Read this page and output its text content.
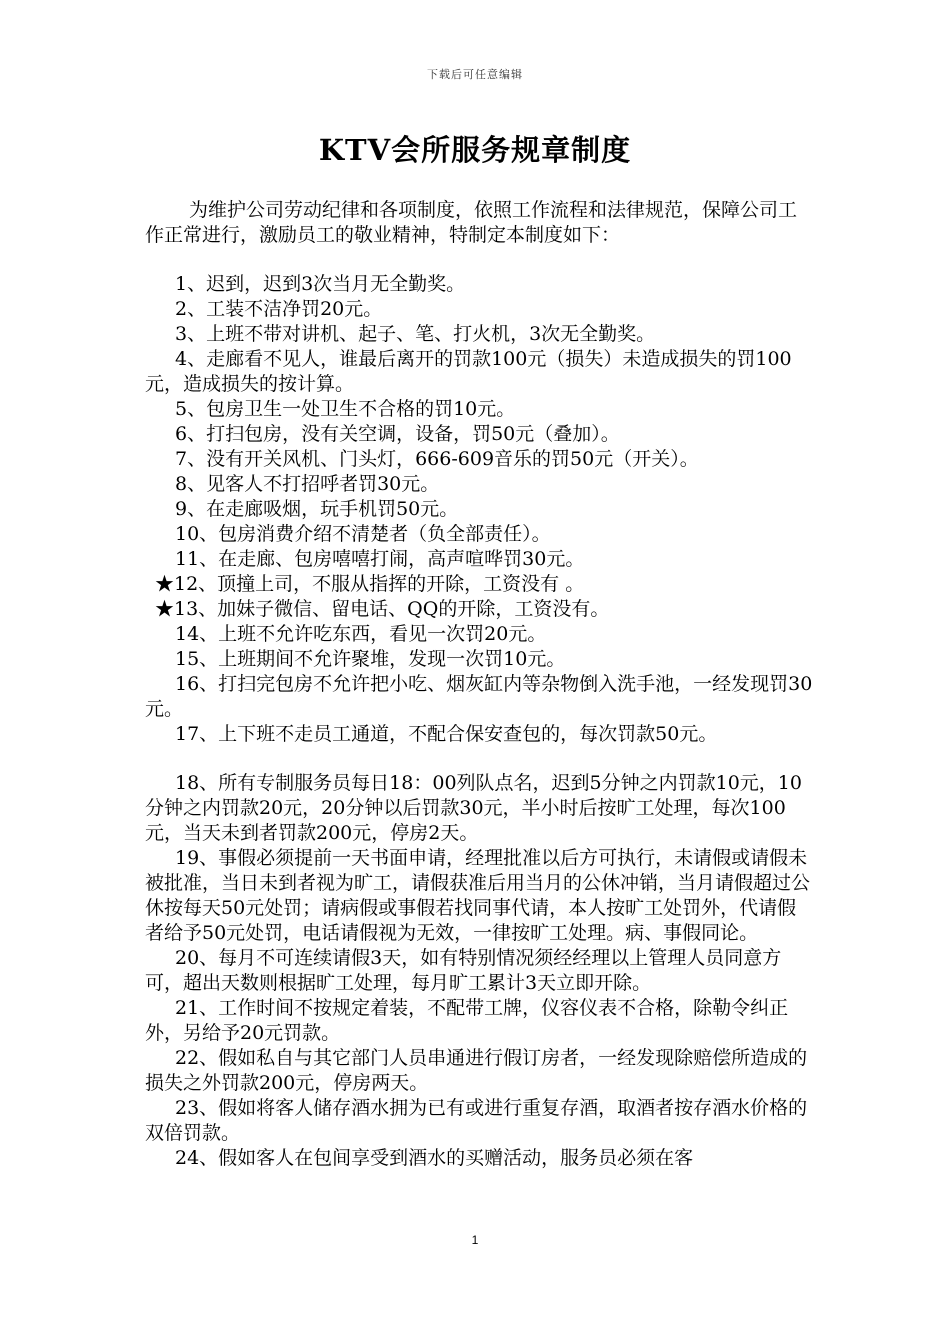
下载后可任意编辑
KTV会所服务规章制度

为维护公司劳动纪律和各项制度，依照工作流程和法律规范，保障公司工作正常进行，激励员工的敬业精神，特制定本制度如下：

1、迟到，迟到3次当月无全勤奖。

2、工装不洁净罚20元。

3、上班不带对讲机、起子、笔、打火机，3次无全勤奖。

4、走廊看不见人，谁最后离开的罚款100元（损失）未造成损失的罚100元，造成损失的按计算。

5、包房卫生一处卫生不合格的罚10元。

6、打扫包房，没有关空调，设备，罚50元（叠加）。

7、没有开关风机、门头灯，666-609音乐的罚50元（开关）。

8、见客人不打招呼者罚30元。

9、在走廊吸烟，玩手机罚50元。

10、包房消费介绍不清楚者（负全部责任）。

11、在走廊、包房嘻嘻打闹，高声喧哗罚30元。

★12、顶撞上司，不服从指挥的开除，工资没有 。

★13、加妹子微信、留电话、QQ的开除，工资没有。

14、上班不允许吃东西，看见一次罚20元。

15、上班期间不允许聚堆，发现一次罚10元。

16、打扫完包房不允许把小吃、烟灰缸内等杂物倒入洗手池，一经发现罚30元。

17、上下班不走员工通道，不配合保安查包的，每次罚款50元。

18、所有专制服务员每日18：00列队点名，迟到5分钟之内罚款10元，10分钟之内罚款20元，20分钟以后罚款30元，半小时后按旷工处理，每次100元，当天未到者罚款200元，停房2天。

19、事假必须提前一天书面申请，经理批准以后方可执行，未请假或请假未被批准，当日未到者视为旷工，请假获准后用当月的公休冲销，当月请假超过公休按每天50元处罚；请病假或事假若找同事代请，本人按旷工处罚外，代请假者给予50元处罚，电话请假视为无效，一律按旷工处理。病、事假同论。

20、每月不可连续请假3天，如有特别情况须经经理以上管理人员同意方可，超出天数则根据旷工处理，每月旷工累计3天立即开除。

21、工作时间不按规定着装，不配带工牌，仪容仪表不合格，除勒令纠正外，另给予20元罚款。

22、假如私自与其它部门人员串通进行假订房者，一经发现除赔偿所造成的损失之外罚款200元，停房两天。

23、假如将客人储存酒水拥为已有或进行重复存酒，取酒者按存酒水价格的双倍罚款。

24、假如客人在包间享受到酒水的买赠活动，服务员必须在客

1
